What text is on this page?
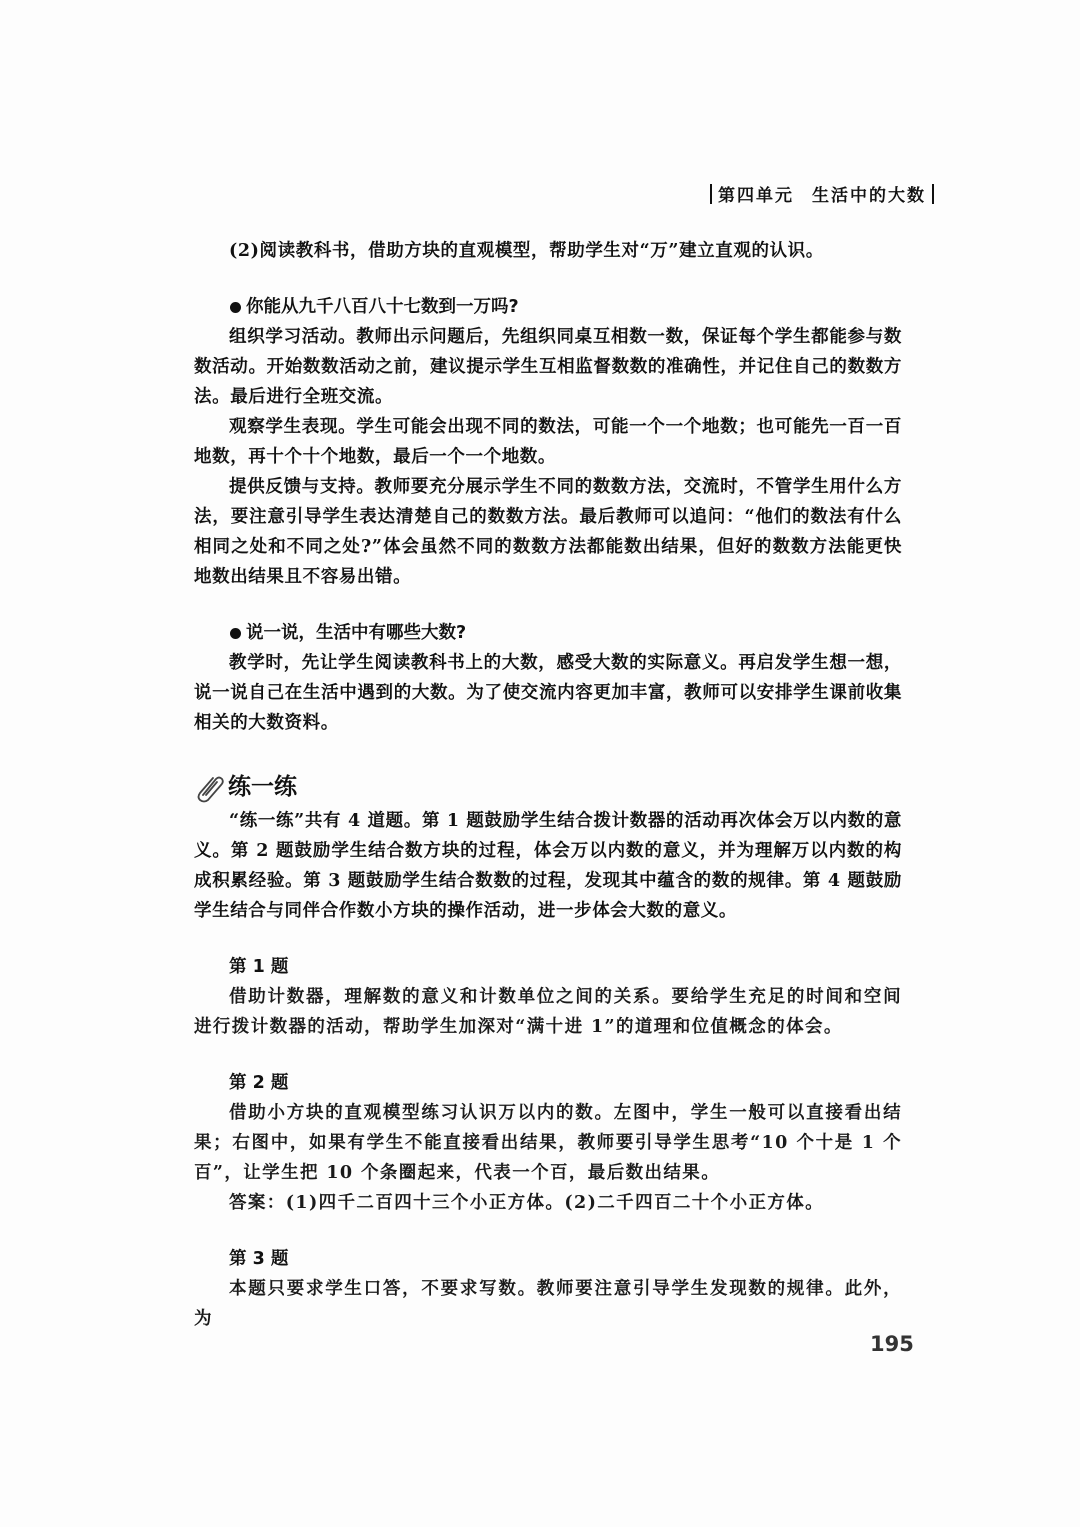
第四单元 生活中的大数

(2)阅读教科书，借助方块的直观模型，帮助学生对“万”建立直观的认识。

你能从九千八百八十七数到一万吗?

组织学习活动。教师出示问题后，先组织同桌互相数一数，保证每个学生都能参与数数活动。开始数数活动之前，建议提示学生互相监督数数的准确性，并记住自己的数数方法。最后进行全班交流。

观察学生表现。学生可能会出现不同的数法，可能一个一个地数；也可能先一百一百地数，再十个十个地数，最后一个一个地数。

提供反馈与支持。教师要充分展示学生不同的数数方法，交流时，不管学生用什么方法，要注意引导学生表达清楚自己的数数方法。最后教师可以追问：“他们的数法有什么相同之处和不同之处?”体会虽然不同的数数方法都能数出结果，但好的数数方法能更快地数出结果且不容易出错。

说一说，生活中有哪些大数?

教学时，先让学生阅读教科书上的大数，感受大数的实际意义。再启发学生想一想，说一说自己在生活中遇到的大数。为了使交流内容更加丰富，教师可以安排学生课前收集相关的大数资料。

练一练

“练一练”共有 4 道题。第 1 题鼓励学生结合拨计数器的活动再次体会万以内数的意义。第 2 题鼓励学生结合数方块的过程，体会万以内数的意义，并为理解万以内数的构成积累经验。第 3 题鼓励学生结合数数的过程，发现其中蕴含的数的规律。第 4 题鼓励学生结合与同伴合作数小方块的操作活动，进一步体会大数的意义。

第 1 题

借助计数器，理解数的意义和计数单位之间的关系。要给学生充足的时间和空间进行拨计数器的活动，帮助学生加深对“满十进 1”的道理和位值概念的体会。

第 2 题

借助小方块的直观模型练习认识万以内的数。左图中，学生一般可以直接看出结果；右图中，如果有学生不能直接看出结果，教师要引导学生思考“10 个十是 1 个百”，让学生把 10 个条圈起来，代表一个百，最后数出结果。

答案：(1)四千二百四十三个小正方体。(2)二千四百二十个小正方体。

第 3 题

本题只要求学生口答，不要求写数。教师要注意引导学生发现数的规律。此外，为

195
